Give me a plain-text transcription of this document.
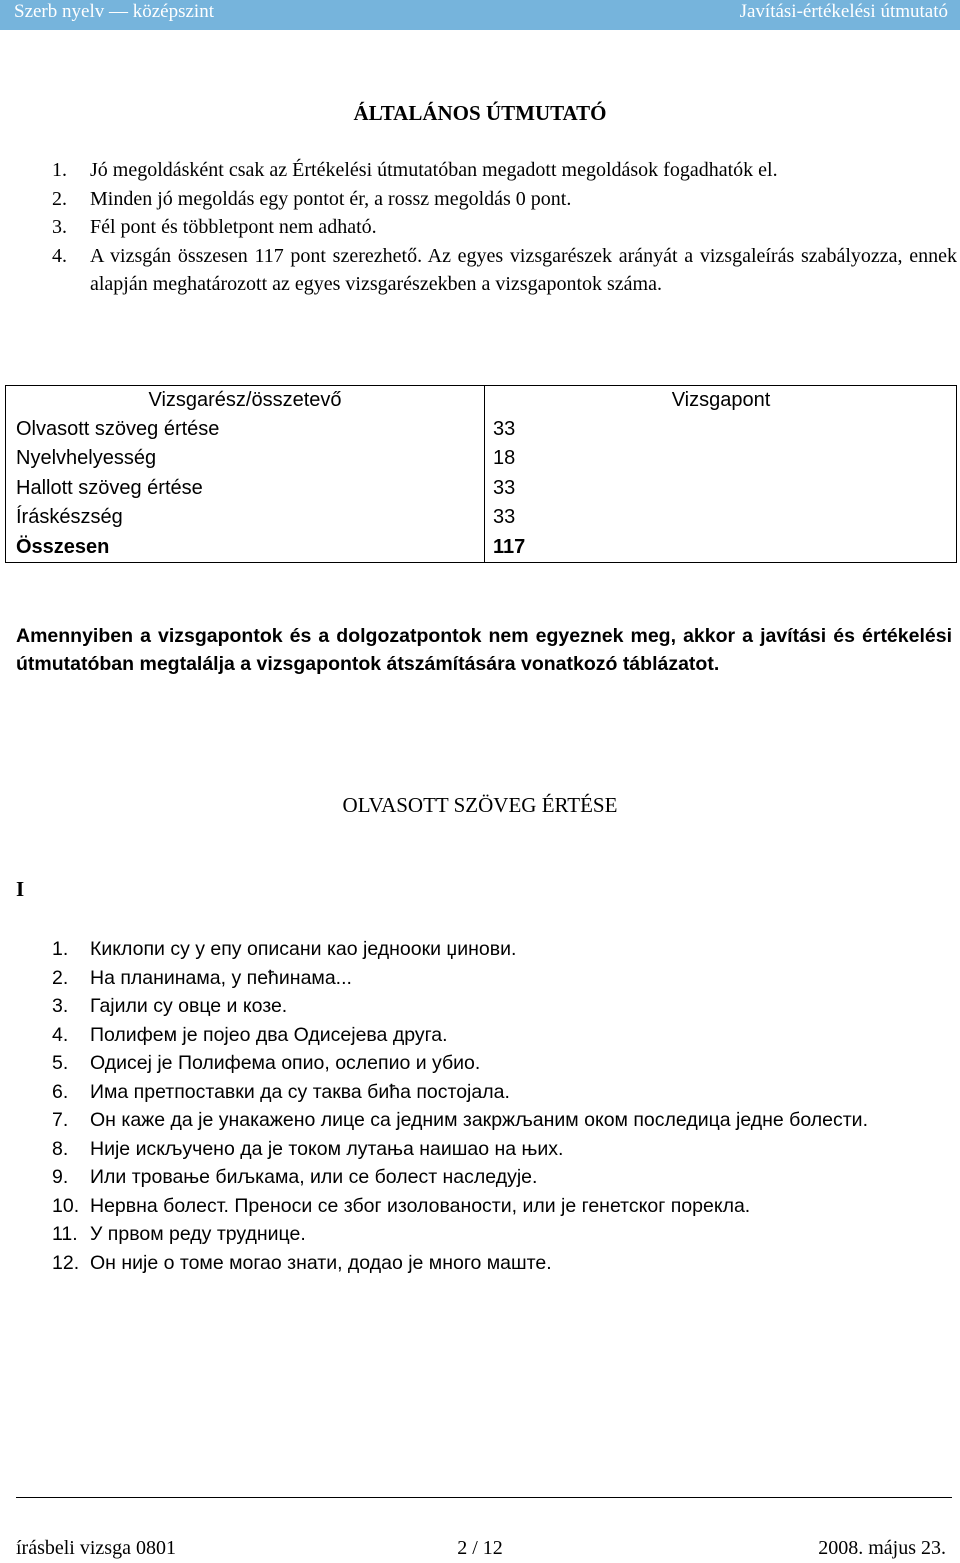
Szerb nyelv — középszint	Javítási-értékelési útmutató
ÁLTALÁNOS ÚTMUTATÓ
1. Jó megoldásként csak az Értékelési útmutatóban megadott megoldások fogadhatók el.
2. Minden jó megoldás egy pontot ér, a rossz megoldás 0 pont.
3. Fél pont és többletpont nem adható.
4. A vizsgán összesen 117 pont szerezhető. Az egyes vizsgarészek arányát a vizsgaleírás szabályozza, ennek alapján meghatározott az egyes vizsgarészekben a vizsgapontok száma.
Vizsgarész/összetevő	Vizsgapont
Olvasott szöveg értése	33
Nyelvhelyesség	18
Hallott szöveg értése	33
Íráskészség	33
Összesen	117
Amennyiben a vizsgapontok és a dolgozatpontok nem egyeznek meg, akkor a javítási és értékelési útmutatóban megtalálja a vizsgapontok átszámítására vonatkozó táblázatot.
OLVASOTT SZÖVEG ÉRTÉSE
I
1. Киклопи су у епу описани као једнооки џинови.
2. На планинама, у пећинама...
3. Гајили су овце и козе.
4. Полифем је појео два Одисејева друга.
5. Одисеј је Полифема опио, ослепио и убио.
6. Има претпоставки да су таква бића постојала.
7. Он каже да је унакажено лице са једним закржљаним оком последица једне болести.
8. Није искључено да је током лутања наишао на њих.
9. Или тровање биљкама, или се болест наследује.
10. Нервна болест. Преноси се због изолованости, или је генетског порекла.
11. У првом реду труднице.
12. Он није о томе могао знати, додао је много маште.
írásbeli vizsga 0801	2 / 12	2008. május 23.
